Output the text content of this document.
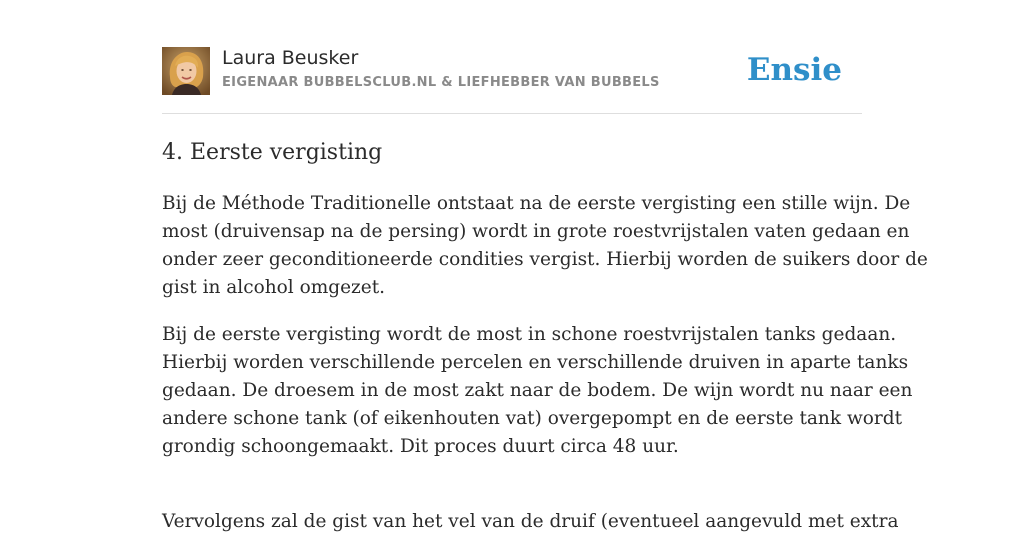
Laura Beusker
EIGENAAR BUBBELSCLUB.NL & LIEFHEBBER VAN BUBBELS	Ensie
4. Eerste vergisting

Bij de Méthode Traditionelle ontstaat na de eerste vergisting een stille wijn. De
most (druivensap na de persing) wordt in grote roestvrijstalen vaten gedaan en
onder zeer geconditioneerde condities vergist. Hierbij worden de suikers door de
gist in alcohol omgezet.

Bij de eerste vergisting wordt de most in schone roestvrijstalen tanks gedaan.
Hierbij worden verschillende percelen en verschillende druiven in aparte tanks
gedaan. De droesem in de most zakt naar de bodem. De wijn wordt nu naar een
andere schone tank (of eikenhouten vat) overgepompt en de eerste tank wordt
grondig schoongemaakt. Dit proces duurt circa 48 uur.

Vervolgens zal de gist van het vel van de druif (eventueel aangevuld met extra
